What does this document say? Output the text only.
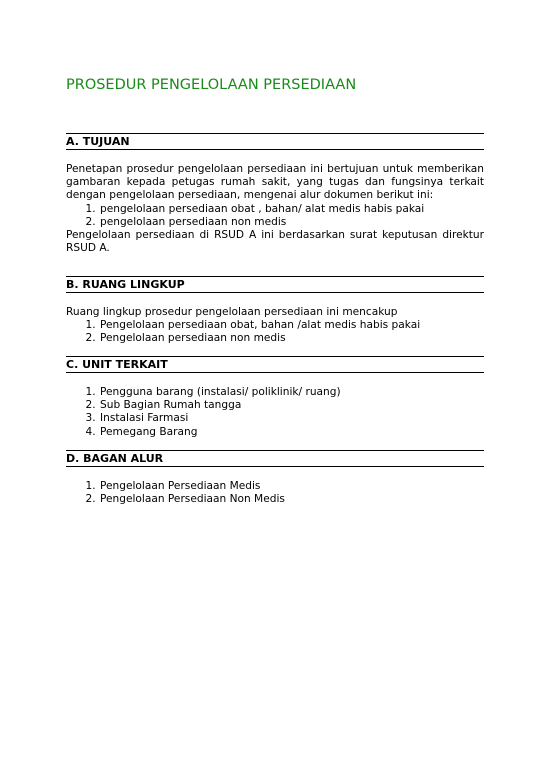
PROSEDUR PENGELOLAAN PERSEDIAAN
A. TUJUAN

Penetapan prosedur pengelolaan persediaan ini bertujuan untuk memberikan gambaran kepada petugas rumah sakit, yang tugas dan fungsinya terkait dengan pengelolaan persediaan, mengenai alur dokumen berikut ini:

1. pengelolaan persediaan obat , bahan/ alat medis habis pakai
2. pengelolaan persediaan non medis

Pengelolaan persediaan di RSUD A ini berdasarkan surat keputusan direktur RSUD A.

B. RUANG LINGKUP

Ruang lingkup prosedur pengelolaan persediaan ini mencakup

1. Pengelolaan persediaan obat, bahan /alat medis habis pakai
2. Pengelolaan persediaan non medis
C. UNIT TERKAIT
1. Pengguna barang (instalasi/ poliklinik/ ruang)
2. Sub Bagian Rumah tangga
3. Instalasi Farmasi
4. Pemegang Barang
D. BAGAN ALUR
1. Pengelolaan Persediaan Medis
2. Pengelolaan Persediaan Non Medis
